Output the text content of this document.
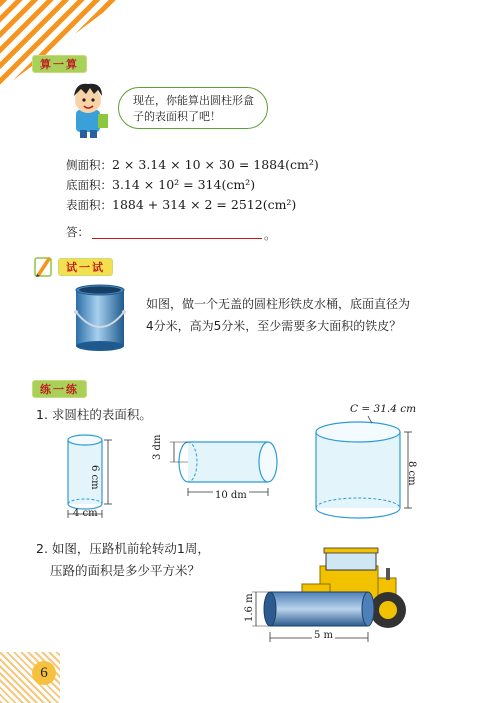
算一算
现在，你能算出圆柱形盒子的表面积了吧！
侧面积：2 × 3.14 × 10 × 30 = 1884(cm²)
底面积：3.14 × 10² = 314(cm²)
表面积：1884 + 314 × 2 = 2512(cm²)
答：	。
试一试
如图，做一个无盖的圆柱形铁皮水桶，底面直径为
4分米，高为5分米，至少需要多大面积的铁皮？
练一练
1. 求圆柱的表面积。
6 cm
4 cm
3 dm
10 dm
C = 31.4 cm
8 cm
2. 如图，压路机前轮转动1周，
压路的面积是多少平方米？
1.6 m
5 m
6
